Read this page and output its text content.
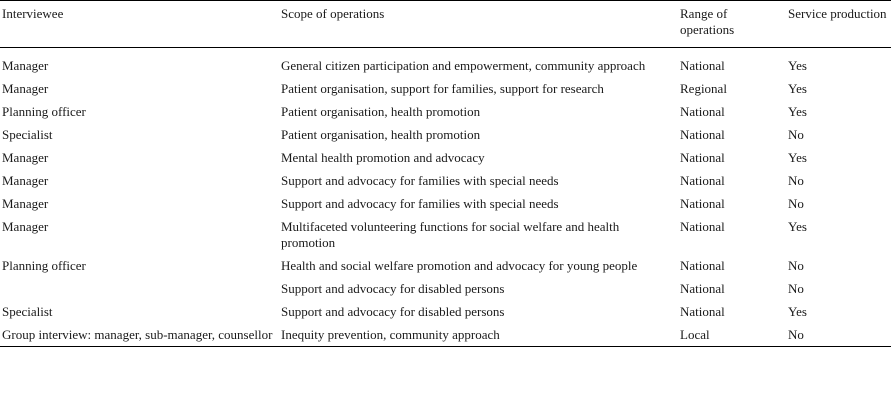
Interviewee	Scope of operations	Range of operations	Service production

Manager	General citizen participation and empowerment, community approach	National	Yes
Manager	Patient organisation, support for families, support for research	Regional	Yes
Planning officer	Patient organisation, health promotion	National	Yes
Specialist	Patient organisation, health promotion	National	No
Manager	Mental health promotion and advocacy	National	Yes
Manager	Support and advocacy for families with special needs	National	No
Manager	Support and advocacy for families with special needs	National	No
Manager	Multifaceted volunteering functions for social welfare and health promotion	National	Yes
Planning officer	Health and social welfare promotion and advocacy for young people	National	No
	Support and advocacy for disabled persons	National	No
Specialist	Support and advocacy for disabled persons	National	Yes
Group interview: manager, sub-manager, counsellor	Inequity prevention, community approach	Local	No
